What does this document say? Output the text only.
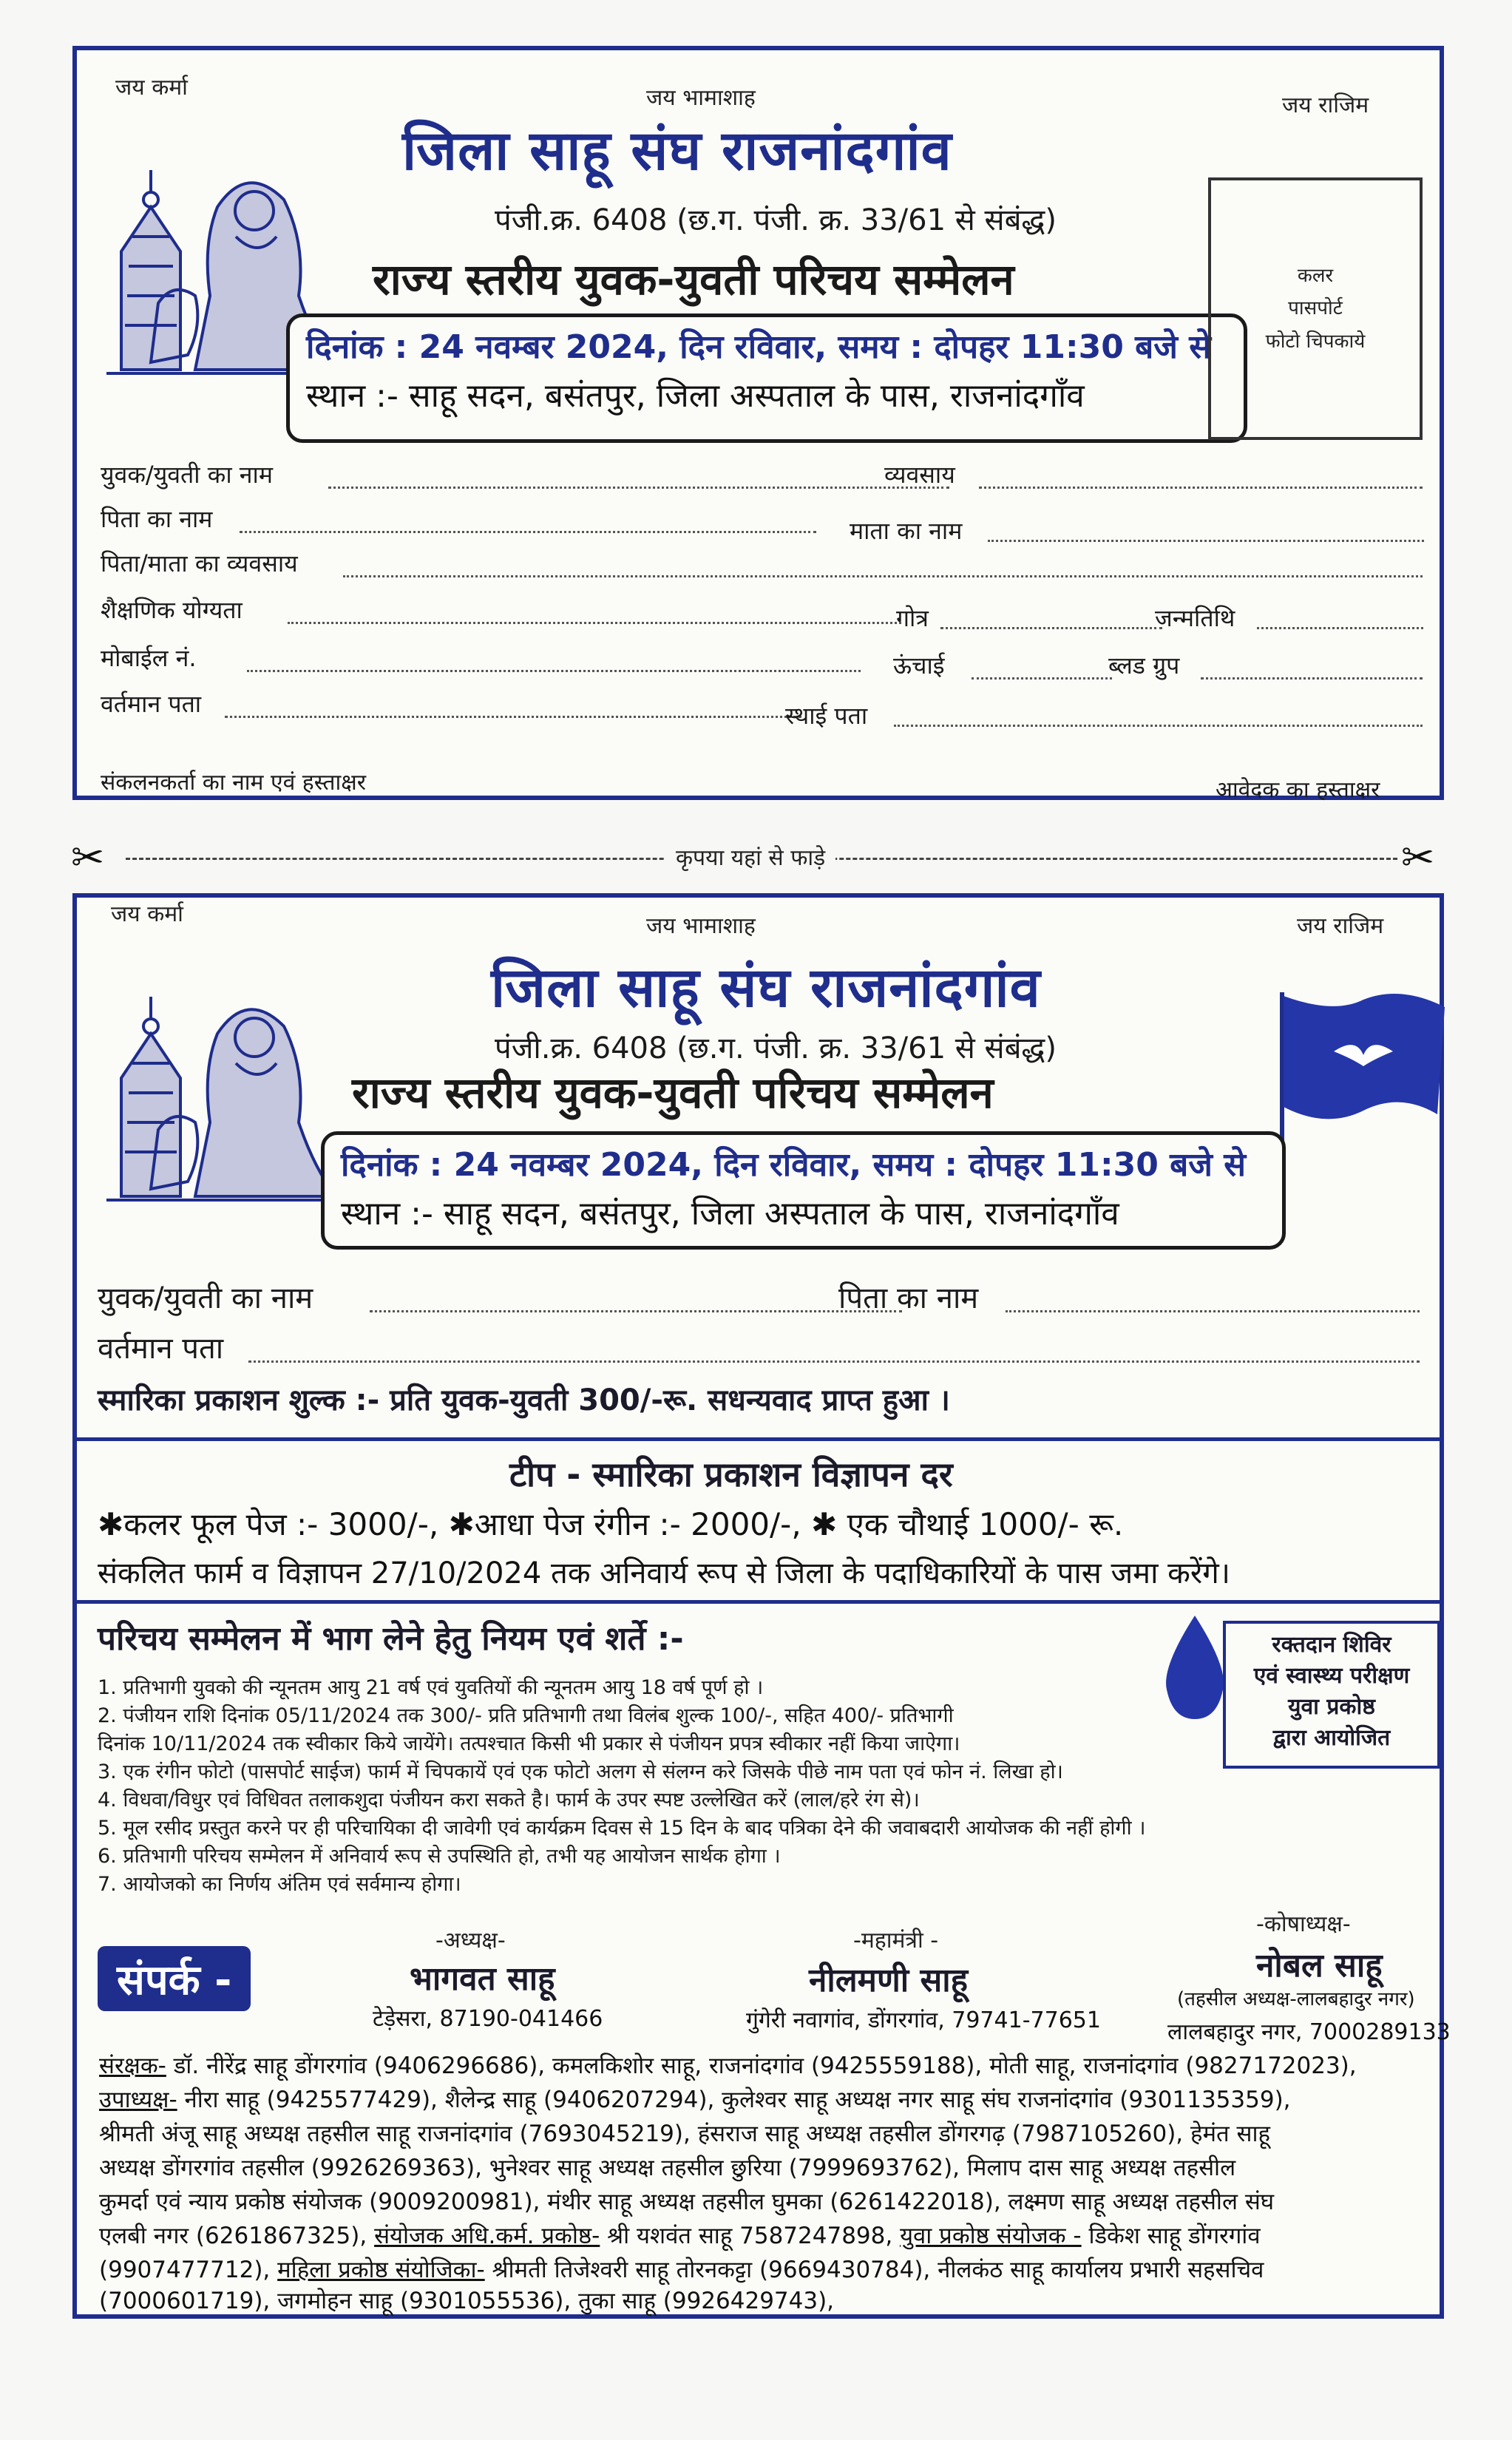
जय कर्मा	जय भामाशाह	जय राजिम
जिला साहू संघ राजनांदगांव
पंजी.क्र. 6408 (छ.ग. पंजी. क्र. 33/61 से संबंद्ध)
राज्य स्तरीय युवक-युवती परिचय सम्मेलन
दिनांक : 24 नवम्बर 2024, दिन रविवार, समय : दोपहर 11:30 बजे से
स्थान :- साहू सदन, बसंतपुर, जिला अस्पताल के पास, राजनांदगाँव
कलर
पासपोर्ट
फोटो चिपकाये
युवक/युवती का नाम	व्यवसाय
पिता का नाम	माता का नाम
पिता/माता का व्यवसाय
शैक्षणिक योग्यता	गोत्र	जन्मतिथि
मोबाईल नं.	ऊंचाई	ब्लड ग्रुप
वर्तमान पता	स्थाई पता
संकलनकर्ता का नाम एवं हस्ताक्षर	आवेदक का हस्ताक्षर
✂	✂
कृपया यहां से फाड़े
जय कर्मा	जय भामाशाह	जय राजिम
जिला साहू संघ राजनांदगांव
पंजी.क्र. 6408 (छ.ग. पंजी. क्र. 33/61 से संबंद्ध)
राज्य स्तरीय युवक-युवती परिचय सम्मेलन
दिनांक : 24 नवम्बर 2024, दिन रविवार, समय : दोपहर 11:30 बजे से
स्थान :- साहू सदन, बसंतपुर, जिला अस्पताल के पास, राजनांदगाँव
युवक/युवती का नाम	पिता का नाम
वर्तमान पता
स्मारिका प्रकाशन शुल्क :- प्रति युवक-युवती 300/-रू. सधन्यवाद प्राप्त हुआ ।
टीप - स्मारिका प्रकाशन विज्ञापन दर
✱कलर फूल पेज :- 3000/-, ✱आधा पेज रंगीन :- 2000/-, ✱ एक चौथाई 1000/- रू.
संकलित फार्म व विज्ञापन 27/10/2024 तक अनिवार्य रूप से जिला के पदाधिकारियों के पास जमा करेंगे।
परिचय सम्मेलन में भाग लेने हेतु नियम एवं शर्ते :-	रक्तदान शिविर
एवं स्वास्थ्य परीक्षण
युवा प्रकोष्ठ
द्वारा आयोजित
1. प्रतिभागी युवको की न्यूनतम आयु 21 वर्ष एवं युवतियों की न्यूनतम आयु 18 वर्ष पूर्ण हो ।
2. पंजीयन राशि दिनांक 05/11/2024 तक 300/- प्रति प्रतिभागी तथा विलंब शुल्क 100/-, सहित 400/- प्रतिभागी
दिनांक 10/11/2024 तक स्वीकार किये जायेंगे। तत्पश्चात किसी भी प्रकार से पंजीयन प्रपत्र स्वीकार नहीं किया जाऐगा।
3. एक रंगीन फोटो (पासपोर्ट साईज) फार्म में चिपकायें एवं एक फोटो अलग से संलग्न करे जिसके पीछे नाम पता एवं फोन नं. लिखा हो।
4. विधवा/विधुर एवं विधिवत तलाकशुदा पंजीयन करा सकते है। फार्म के उपर स्पष्ट उल्लेखित करें (लाल/हरे रंग से)।
5. मूल रसीद प्रस्तुत करने पर ही परिचायिका दी जावेगी एवं कार्यक्रम दिवस से 15 दिन के बाद पत्रिका देने की जवाबदारी आयोजक की नहीं होगी ।
6. प्रतिभागी परिचय सम्मेलन में अनिवार्य रूप से उपस्थिति हो, तभी यह आयोजन सार्थक होगा ।
7. आयोजको का निर्णय अंतिम एवं सर्वमान्य होगा।
संपर्क -
-अध्यक्ष-
भागवत साहू
टेड़ेसरा, 87190-041466
-महामंत्री -
नीलमणी साहू
गुंगेरी नवागांव, डोंगरगांव, 79741-77651
-कोषाध्यक्ष-
नोबल साहू
(तहसील अध्यक्ष-लालबहादुर नगर)
लालबहादुर नगर, 7000289133
संरक्षक- डॉ. नीरेंद्र साहू डोंगरगांव (9406296686), कमलकिशोर साहू, राजनांदगांव (9425559188), मोती साहू, राजनांदगांव (9827172023),
उपाध्यक्ष- नीरा साहू (9425577429), शैलेन्द्र साहू (9406207294), कुलेश्वर साहू अध्यक्ष नगर साहू संघ राजनांदगांव (9301135359),
श्रीमती अंजू साहू अध्यक्ष तहसील साहू राजनांदगांव (7693045219), हंसराज साहू अध्यक्ष तहसील डोंगरगढ़ (7987105260), हेमंत साहू
अध्यक्ष डोंगरगांव तहसील (9926269363), भुनेश्वर साहू अध्यक्ष तहसील छुरिया (7999693762), मिलाप दास साहू अध्यक्ष तहसील
कुमर्दा एवं न्याय प्रकोष्ठ संयोजक (9009200981), मंथीर साहू अध्यक्ष तहसील घुमका (6261422018), लक्ष्मण साहू अध्यक्ष तहसील संघ
एलबी नगर (6261867325), संयोजक अधि.कर्म. प्रकोष्ठ- श्री यशवंत साहू 7587247898, युवा प्रकोष्ठ संयोजक - डिकेश साहू डोंगरगांव
(9907477712), महिला प्रकोष्ठ संयोजिका- श्रीमती तिजेश्वरी साहू तोरनकट्टा (9669430784), नीलकंठ साहू कार्यालय प्रभारी सहसचिव
(7000601719), जगमोहन साहू (9301055536), तुका साहू (9926429743),
